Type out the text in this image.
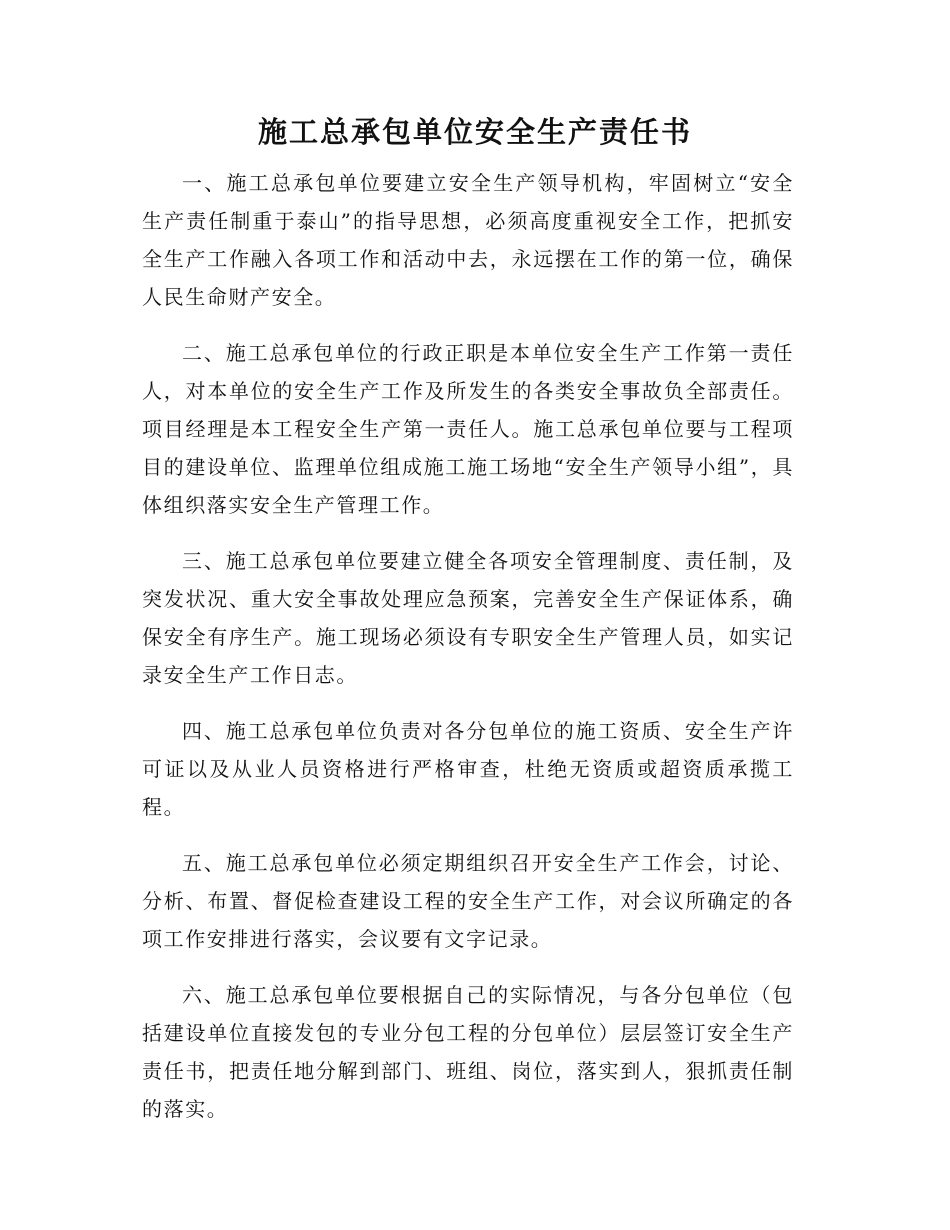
施工总承包单位安全生产责任书

一、施工总承包单位要建立安全生产领导机构，牢固树立“安全生产责任制重于泰山”的指导思想，必须高度重视安全工作，把抓安全生产工作融入各项工作和活动中去，永远摆在工作的第一位，确保人民生命财产安全。

二、施工总承包单位的行政正职是本单位安全生产工作第一责任人，对本单位的安全生产工作及所发生的各类安全事故负全部责任。项目经理是本工程安全生产第一责任人。施工总承包单位要与工程项目的建设单位、监理单位组成施工施工场地“安全生产领导小组”，具体组织落实安全生产管理工作。

三、施工总承包单位要建立健全各项安全管理制度、责任制，及突发状况、重大安全事故处理应急预案，完善安全生产保证体系，确保安全有序生产。施工现场必须设有专职安全生产管理人员，如实记录安全生产工作日志。

四、施工总承包单位负责对各分包单位的施工资质、安全生产许可证以及从业人员资格进行严格审查，杜绝无资质或超资质承揽工程。

五、施工总承包单位必须定期组织召开安全生产工作会，讨论、分析、布置、督促检查建设工程的安全生产工作，对会议所确定的各项工作安排进行落实，会议要有文字记录。

六、施工总承包单位要根据自己的实际情况，与各分包单位（包括建设单位直接发包的专业分包工程的分包单位）层层签订安全生产责任书，把责任地分解到部门、班组、岗位，落实到人，狠抓责任制的落实。
